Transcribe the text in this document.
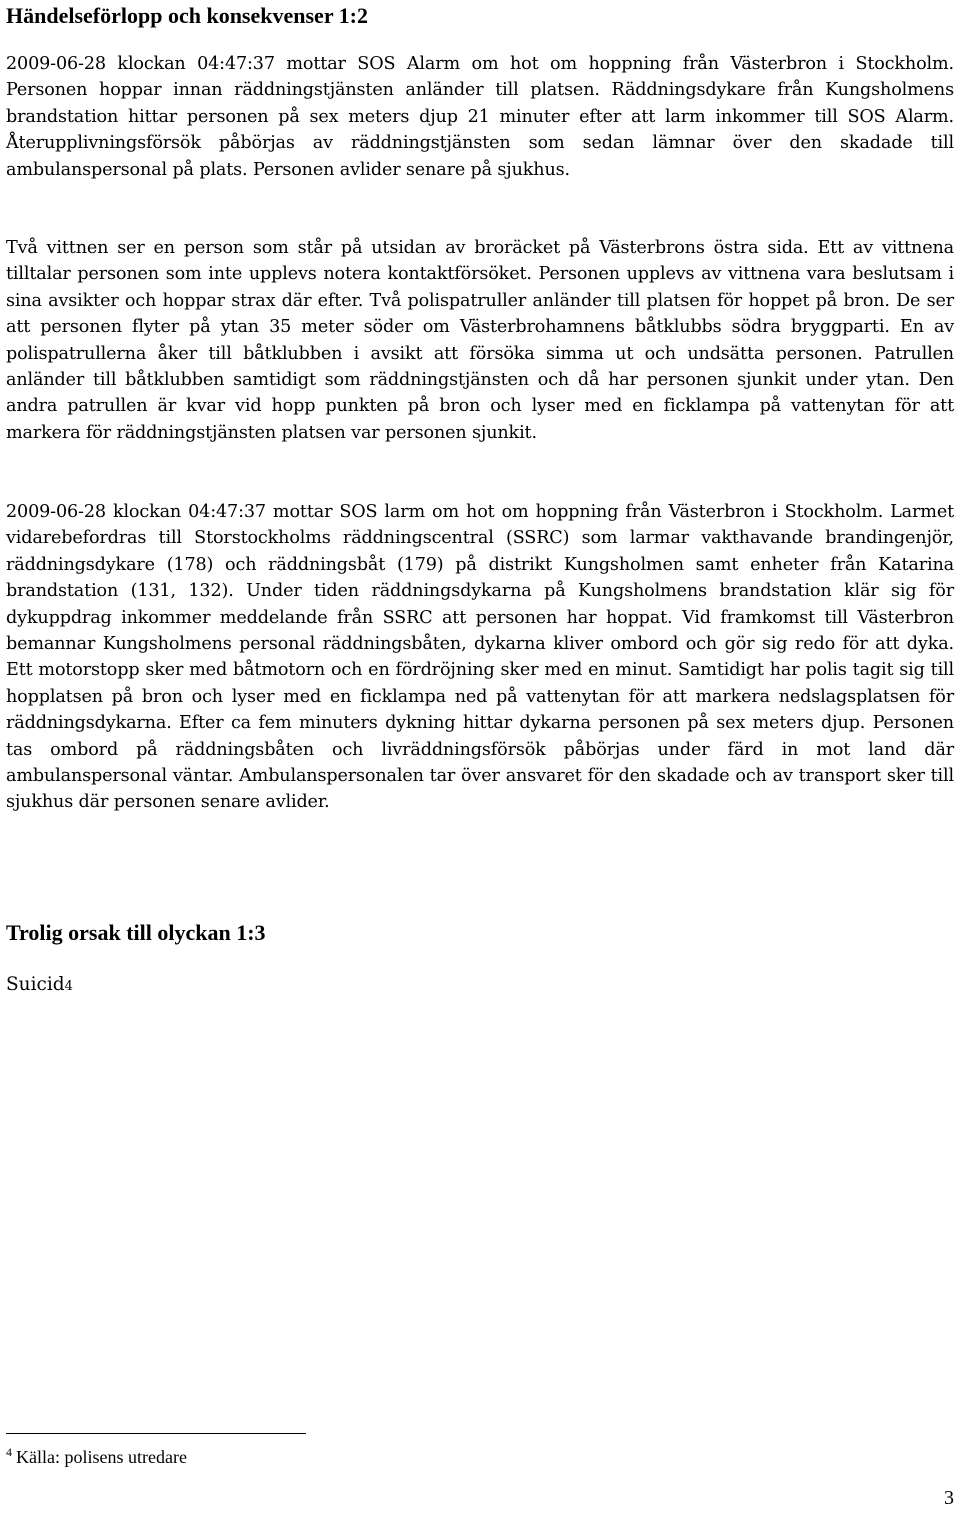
Händelseförlopp och konsekvenser 1:2

2009-06-28 klockan 04:47:37 mottar SOS Alarm om hot om hoppning från Västerbron i Stockholm. Personen hoppar innan räddningstjänsten anländer till platsen. Räddningsdykare från Kungsholmens brandstation hittar personen på sex meters djup 21 minuter efter att larm inkommer till SOS Alarm. Återupplivningsförsök påbörjas av räddningstjänsten som sedan lämnar över den skadade till ambulanspersonal på plats. Personen avlider senare på sjukhus.

Två vittnen ser en person som står på utsidan av broräcket på Västerbrons östra sida. Ett av vittnena tilltalar personen som inte upplevs notera kontaktförsöket. Personen upplevs av vittnena vara beslutsam i sina avsikter och hoppar strax där efter. Två polispatruller anländer till platsen för hoppet på bron. De ser att personen flyter på ytan 35 meter söder om Västerbrohamnens båtklubbs södra bryggparti. En av polispatrullerna åker till båtklubben i avsikt att försöka simma ut och undsätta personen. Patrullen anländer till båtklubben samtidigt som räddningstjänsten och då har personen sjunkit under ytan. Den andra patrullen är kvar vid hopp punkten på bron och lyser med en ficklampa på vattenytan för att markera för räddningstjänsten platsen var personen sjunkit.

2009-06-28 klockan 04:47:37 mottar SOS larm om hot om hoppning från Västerbron i Stockholm. Larmet vidarebefordras till Storstockholms räddningscentral (SSRC) som larmar vakthavande brandingenjör, räddningsdykare (178) och räddningsbåt (179) på distrikt Kungsholmen samt enheter från Katarina brandstation (131, 132). Under tiden räddningsdykarna på Kungsholmens brandstation klär sig för dykuppdrag inkommer meddelande från SSRC att personen har hoppat. Vid framkomst till Västerbron bemannar Kungsholmens personal räddningsbåten, dykarna kliver ombord och gör sig redo för att dyka. Ett motorstopp sker med båtmotorn och en fördröjning sker med en minut. Samtidigt har polis tagit sig till hopplatsen på bron och lyser med en ficklampa ned på vattenytan för att markera nedslagsplatsen för räddningsdykarna. Efter ca fem minuters dykning hittar dykarna personen på sex meters djup. Personen tas ombord på räddningsbåten och livräddningsförsök påbörjas under färd in mot land där ambulanspersonal väntar. Ambulanspersonalen tar över ansvaret för den skadade och av transport sker till sjukhus där personen senare avlider.

Trolig orsak till olyckan 1:3

Suicid4

$^4$ Källa: polisens utredare

3
